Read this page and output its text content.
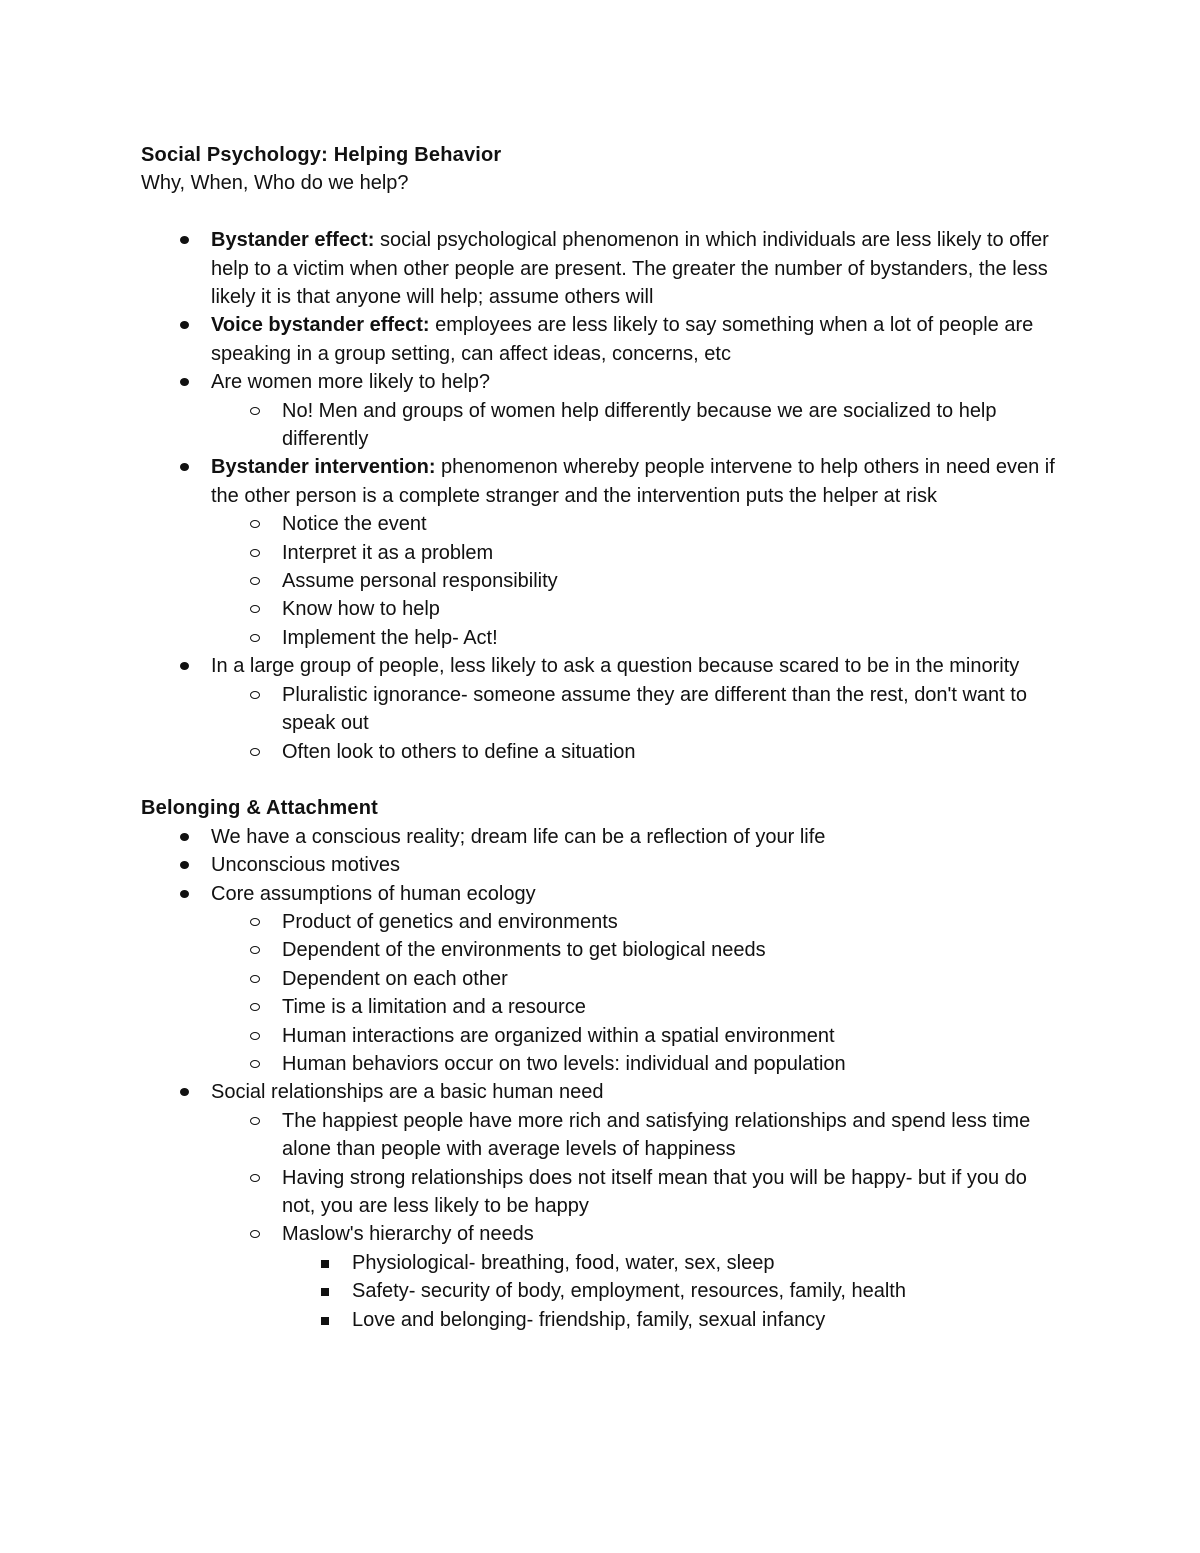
Social Psychology: Helping Behavior
Why, When, Who do we help?
Bystander effect: social psychological phenomenon in which individuals are less likely to offer help to a victim when other people are present. The greater the number of bystanders, the less likely it is that anyone will help; assume others will
Voice bystander effect: employees are less likely to say something when a lot of people are speaking in a group setting, can affect ideas, concerns, etc
Are women more likely to help?
No! Men and groups of women help differently because we are socialized to help differently
Bystander intervention: phenomenon whereby people intervene to help others in need even if the other person is a complete stranger and the intervention puts the helper at risk
Notice the event
Interpret it as a problem
Assume personal responsibility
Know how to help
Implement the help- Act!
In a large group of people, less likely to ask a question because scared to be in the minority
Pluralistic ignorance- someone assume they are different than the rest, don't want to speak out
Often look to others to define a situation
Belonging & Attachment
We have a conscious reality; dream life can be a reflection of your life
Unconscious motives
Core assumptions of human ecology
Product of genetics and environments
Dependent of the environments to get biological needs
Dependent on each other
Time is a limitation and a resource
Human interactions are organized within a spatial environment
Human behaviors occur on two levels: individual and population
Social relationships are a basic human need
The happiest people have more rich and satisfying relationships and spend less time alone than people with average levels of happiness
Having strong relationships does not itself mean that you will be happy- but if you do not, you are less likely to be happy
Maslow's hierarchy of needs
Physiological- breathing, food, water, sex, sleep
Safety- security of body, employment, resources, family, health
Love and belonging- friendship, family, sexual infancy
